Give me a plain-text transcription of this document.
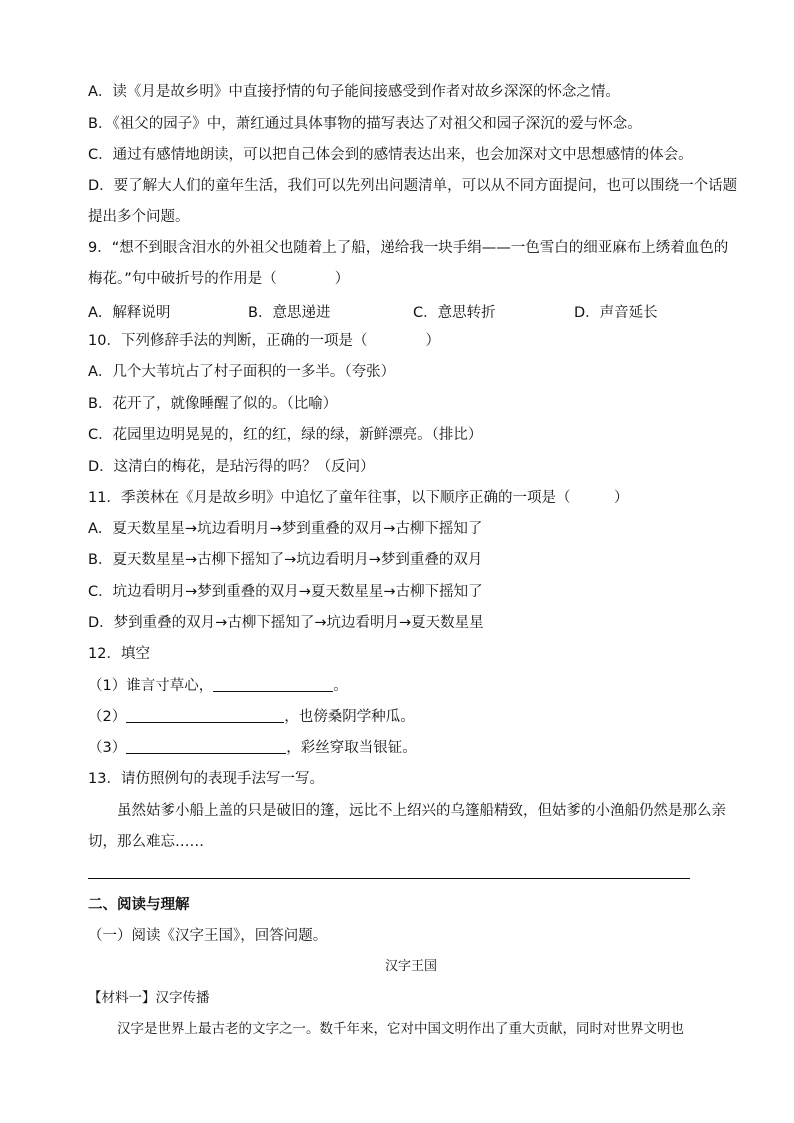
A．读《月是故乡明》中直接抒情的句子能间接感受到作者对故乡深深的怀念之情。
B．《祖父的园子》中，萧红通过具体事物的描写表达了对祖父和园子深沉的爱与怀念。
C．通过有感情地朗读，可以把自己体会到的感情表达出来，也会加深对文中思想感情的体会。
D．要了解大人们的童年生活，我们可以先列出问题清单，可以从不同方面提问，也可以围绕一个话题
提出多个问题。
9．“想不到眼含泪水的外祖父也随着上了船，递给我一块手绢——一色雪白的细亚麻布上绣着血色的
梅花。”句中破折号的作用是（　　　　）
A．解释说明	B．意思递进	C．意思转折	D．声音延长
10．下列修辞手法的判断，正确的一项是（　　　　）
A．几个大苇坑占了村子面积的一多半。（夸张）
B．花开了，就像睡醒了似的。（比喻）
C．花园里边明晃晃的，红的红，绿的绿，新鲜漂亮。（排比）
D．这清白的梅花，是玷污得的吗？（反问）
11．季羡林在《月是故乡明》中追忆了童年往事，以下顺序正确的一项是（　　　）
A．夏天数星星→坑边看明月→梦到重叠的双月→古柳下摇知了
B．夏天数星星→古柳下摇知了→坑边看明月→梦到重叠的双月
C．坑边看明月→梦到重叠的双月→夏天数星星→古柳下摇知了
D．梦到重叠的双月→古柳下摇知了→坑边看明月→夏天数星星
12．填空
（1）谁言寸草心，	。
（2）	，也傍桑阴学种瓜。
（3）	，彩丝穿取当银钲。
13．请仿照例句的表现手法写一写。
虽然姑爹小船上盖的只是破旧的篷，远比不上绍兴的乌篷船精致，但姑爹的小渔船仍然是那么亲
切，那么难忘……
二、阅读与理解
（一）阅读《汉字王国》，回答问题。
汉字王国
【材料一】汉字传播
汉字是世界上最古老的文字之一。数千年来，它对中国文明作出了重大贡献，同时对世界文明也
